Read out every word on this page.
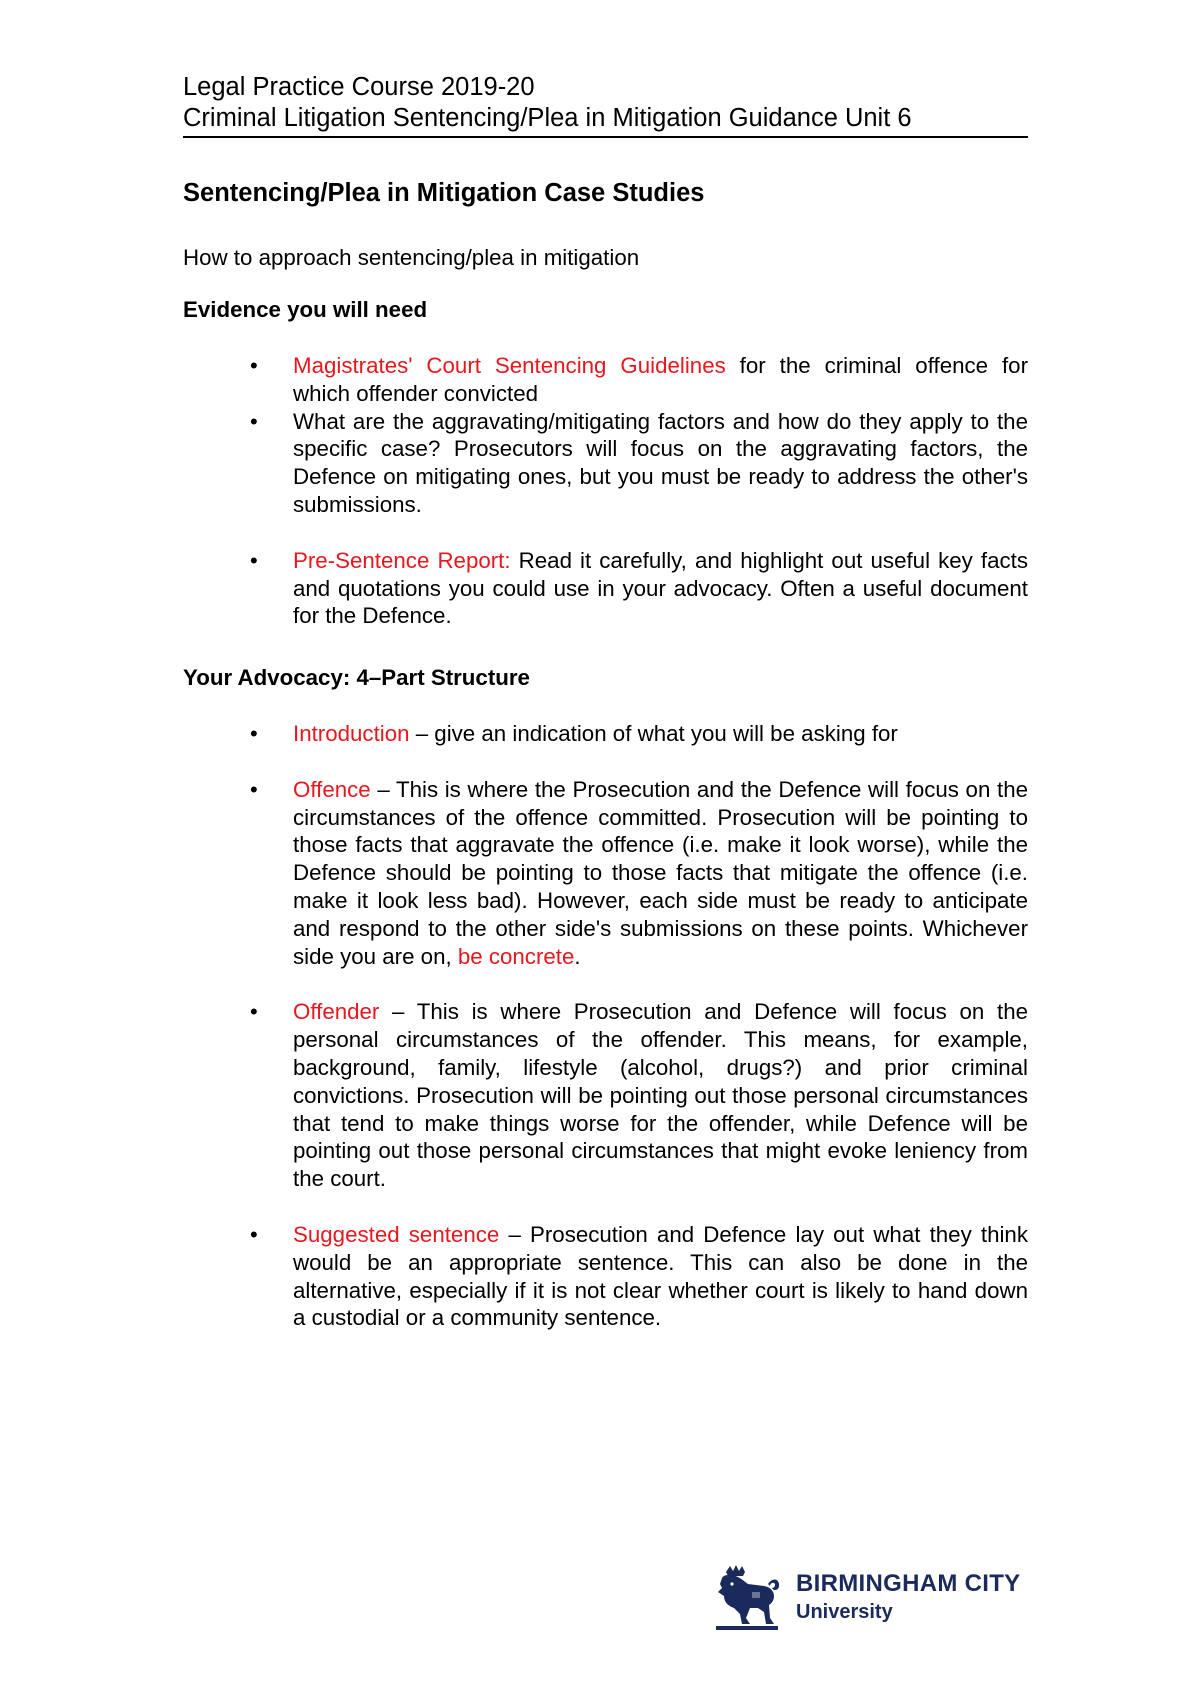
Legal Practice Course 2019-20
Criminal Litigation Sentencing/Plea in Mitigation Guidance Unit 6
Sentencing/Plea in Mitigation Case Studies
How to approach sentencing/plea in mitigation
Evidence you will need
• Magistrates' Court Sentencing Guidelines for the criminal offence for which offender convicted
• What are the aggravating/mitigating factors and how do they apply to the specific case? Prosecutors will focus on the aggravating factors, the Defence on mitigating ones, but you must be ready to address the other's submissions.
• Pre-Sentence Report: Read it carefully, and highlight out useful key facts and quotations you could use in your advocacy. Often a useful document for the Defence.
Your Advocacy: 4–Part Structure
• Introduction – give an indication of what you will be asking for
• Offence – This is where the Prosecution and the Defence will focus on the circumstances of the offence committed. Prosecution will be pointing to those facts that aggravate the offence (i.e. make it look worse), while the Defence should be pointing to those facts that mitigate the offence (i.e. make it look less bad). However, each side must be ready to anticipate and respond to the other side's submissions on these points. Whichever side you are on, be concrete.
• Offender – This is where Prosecution and Defence will focus on the personal circumstances of the offender. This means, for example, background, family, lifestyle (alcohol, drugs?) and prior criminal convictions. Prosecution will be pointing out those personal circumstances that tend to make things worse for the offender, while Defence will be pointing out those personal circumstances that might evoke leniency from the court.
• Suggested sentence – Prosecution and Defence lay out what they think would be an appropriate sentence. This can also be done in the alternative, especially if it is not clear whether court is likely to hand down a custodial or a community sentence.
BIRMINGHAM CITY
University
